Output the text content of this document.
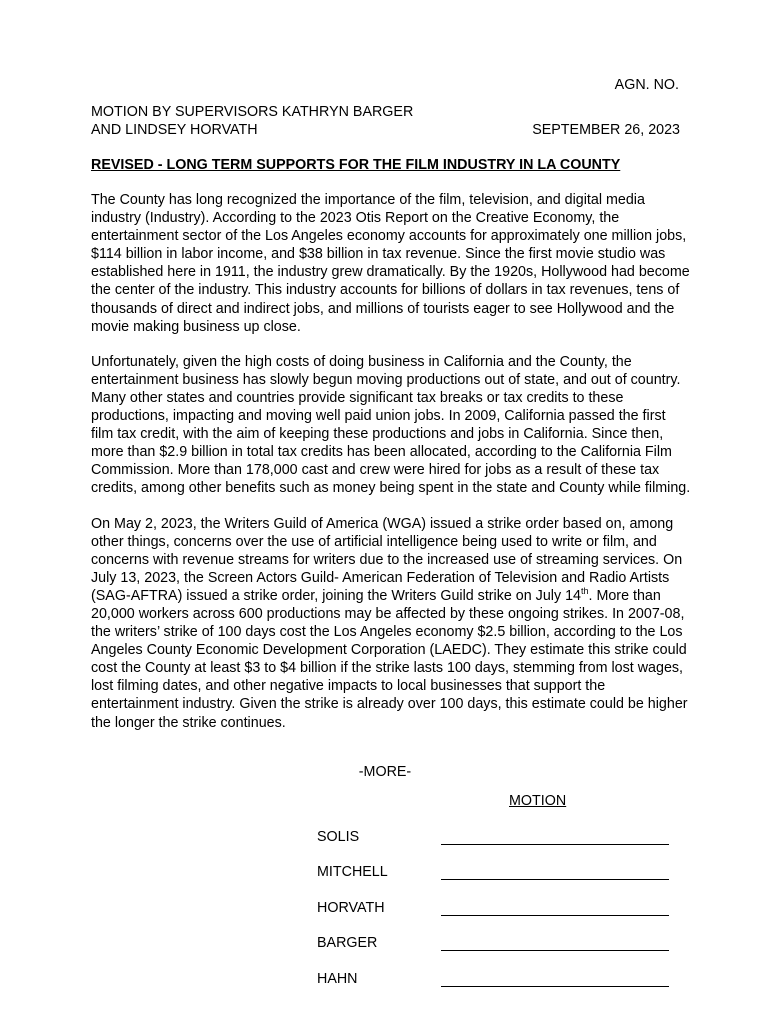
AGN. NO.
MOTION BY SUPERVISORS KATHRYN BARGER
AND LINDSEY HORVATH	SEPTEMBER 26, 2023
REVISED - LONG TERM SUPPORTS FOR THE FILM INDUSTRY IN LA COUNTY

The County has long recognized the importance of the film, television, and digital media industry (Industry). According to the 2023 Otis Report on the Creative Economy, the entertainment sector of the Los Angeles economy accounts for approximately one million jobs, $114 billion in labor income, and $38 billion in tax revenue. Since the first movie studio was established here in 1911, the industry grew dramatically. By the 1920s, Hollywood had become the center of the industry. This industry accounts for billions of dollars in tax revenues, tens of thousands of direct and indirect jobs, and millions of tourists eager to see Hollywood and the movie making business up close.

Unfortunately, given the high costs of doing business in California and the County, the entertainment business has slowly begun moving productions out of state, and out of country. Many other states and countries provide significant tax breaks or tax credits to these productions, impacting and moving well paid union jobs. In 2009, California passed the first film tax credit, with the aim of keeping these productions and jobs in California. Since then, more than $2.9 billion in total tax credits has been allocated, according to the California Film Commission. More than 178,000 cast and crew were hired for jobs as a result of these tax credits, among other benefits such as money being spent in the state and County while filming.

On May 2, 2023, the Writers Guild of America (WGA) issued a strike order based on, among other things, concerns over the use of artificial intelligence being used to write or film, and concerns with revenue streams for writers due to the increased use of streaming services. On July 13, 2023, the Screen Actors Guild- American Federation of Television and Radio Artists (SAG-AFTRA) issued a strike order, joining the Writers Guild strike on July 14th. More than 20,000 workers across 600 productions may be affected by these ongoing strikes. In 2007-08, the writers’ strike of 100 days cost the Los Angeles economy $2.5 billion, according to the Los Angeles County Economic Development Corporation (LAEDC). They estimate this strike could cost the County at least $3 to $4 billion if the strike lasts 100 days, stemming from lost wages, lost filming dates, and other negative impacts to local businesses that support the entertainment industry. Given the strike is already over 100 days, this estimate could be higher the longer the strike continues.

-MORE-
MOTION
SOLIS
MITCHELL
HORVATH
BARGER
HAHN
